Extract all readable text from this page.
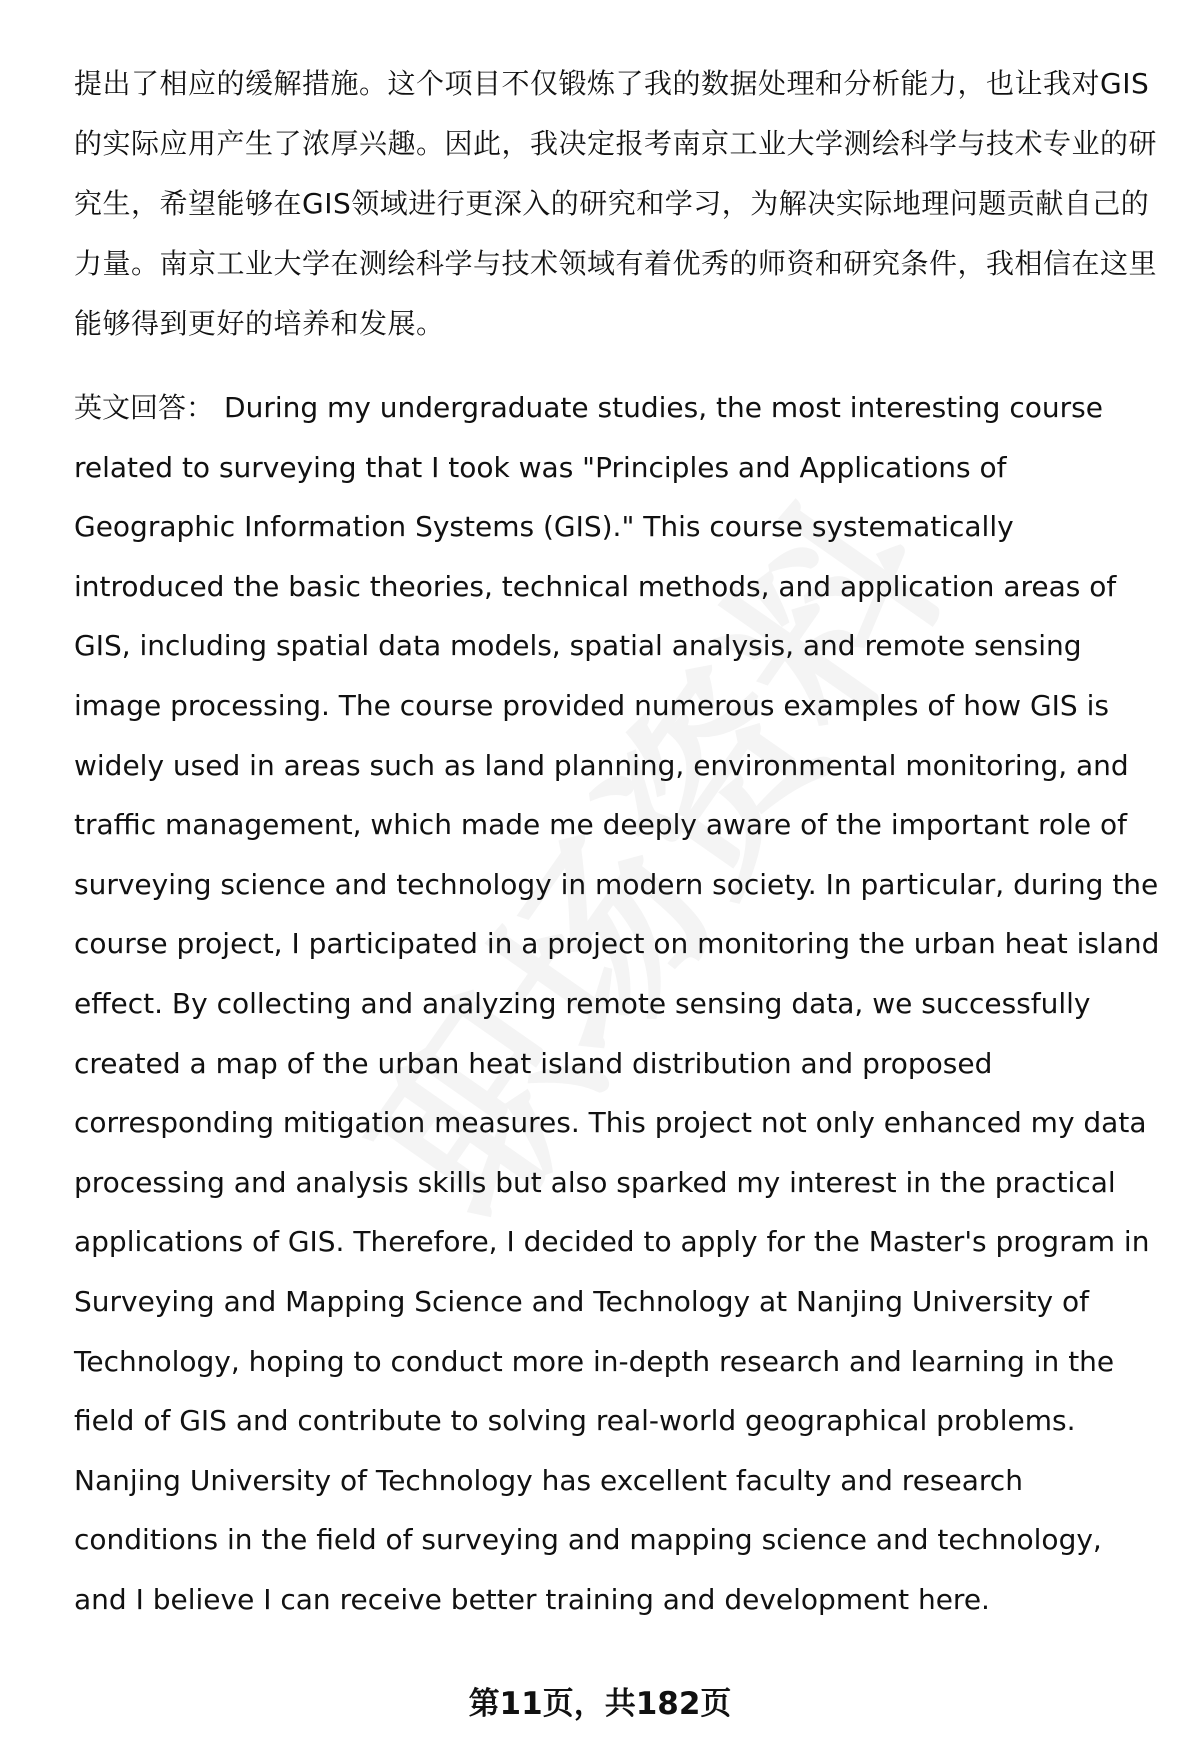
提出了相应的缓解措施。这个项目不仅锻炼了我的数据处理和分析能力，也让我对GIS的实际应用产生了浓厚兴趣。因此，我决定报考南京工业大学测绘科学与技术专业的研究生，希望能够在GIS领域进行更深入的研究和学习，为解决实际地理问题贡献自己的力量。南京工业大学在测绘科学与技术领域有着优秀的师资和研究条件，我相信在这里能够得到更好的培养和发展。

英文回答： During my undergraduate studies, the most interesting course related to surveying that I took was "Principles and Applications of Geographic Information Systems (GIS)." This course systematically introduced the basic theories, technical methods, and application areas of GIS, including spatial data models, spatial analysis, and remote sensing image processing. The course provided numerous examples of how GIS is widely used in areas such as land planning, environmental monitoring, and traffic management, which made me deeply aware of the important role of surveying science and technology in modern society. In particular, during the course project, I participated in a project on monitoring the urban heat island effect. By collecting and analyzing remote sensing data, we successfully created a map of the urban heat island distribution and proposed corresponding mitigation measures. This project not only enhanced my data processing and analysis skills but also sparked my interest in the practical applications of GIS. Therefore, I decided to apply for the Master's program in Surveying and Mapping Science and Technology at Nanjing University of Technology, hoping to conduct more in-depth research and learning in the field of GIS and contribute to solving real-world geographical problems. Nanjing University of Technology has excellent faculty and research conditions in the field of surveying and mapping science and technology, and I believe I can receive better training and development here.

第11页，共182页
